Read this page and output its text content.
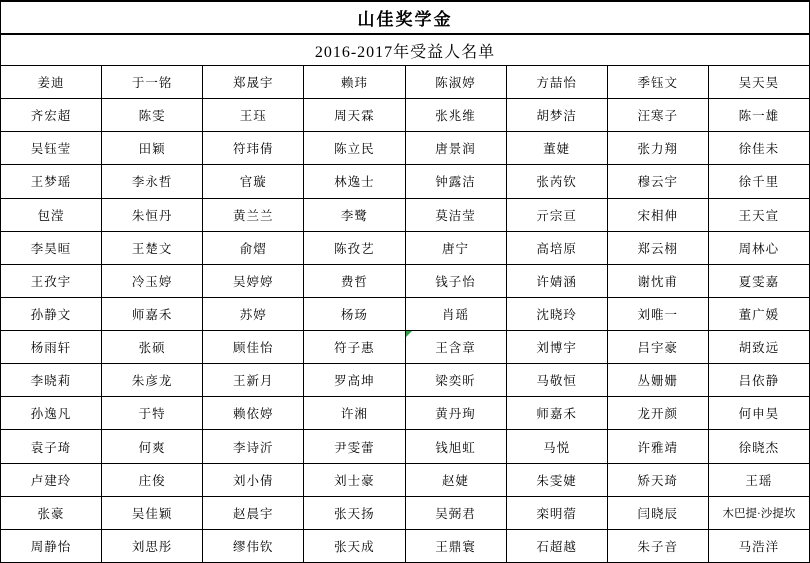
山佳奖学金
2016-2017年受益人名单
姜迪	于一铭	郑晟宇	赖玮	陈淑婷	方喆怡	季钰文	吴天昊
齐宏超	陈雯	王珏	周天霖	张兆维	胡梦洁	汪寒子	陈一雄
吴钰莹	田颖	符玮倩	陈立民	唐景润	董婕	张力翔	徐佳未
王梦瑶	李永哲	官璇	林逸士	钟露洁	张芮钦	穆云宇	徐千里
包滢	朱恒丹	黄兰兰	李鹭	莫洁莹	亓宗亘	宋相伸	王天宣
李昊晅	王楚文	俞熠	陈孜艺	唐宁	高培原	郑云栩	周林心
王孜宇	冷玉婷	吴婷婷	费哲	钱子怡	许婧涵	谢忱甫	夏雯嘉
孙静文	师嘉禾	苏婷	杨玚	肖瑶	沈晓玲	刘唯一	董广媛
杨雨轩	张硕	顾佳怡	符子惠	王含章	刘博宇	吕宇豪	胡致远
李晓莉	朱彦龙	王新月	罗高坤	梁奕昕	马敬恒	丛姗姗	吕依静
孙逸凡	于特	赖依婷	许湘	黄丹珣	师嘉禾	龙开颜	何申昊
袁子琦	何爽	李诗沂	尹雯蕾	钱旭虹	马悦	许雅靖	徐晓杰
卢建玲	庄俊	刘小倩	刘士豪	赵婕	朱雯婕	矫天琦	王瑶
张豪	吴佳颖	赵晨宇	张天扬	吴弼君	栾明蓿	闫晓辰	木巴提·沙提坎
周静怡	刘思彤	缪伟钦	张天成	王鼎寰	石超越	朱子音	马浩洋
